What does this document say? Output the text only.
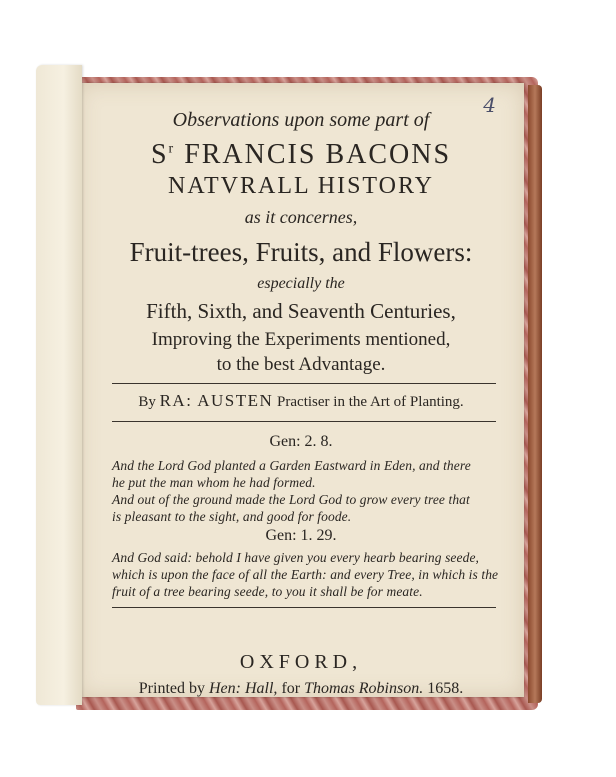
4
Observations upon some part of
$S^r$ FRANCIS BACONS
NATVRALL HISTORY
as it concernes,
Fruit-trees, Fruits, and Flowers:
especially the
Fifth, Sixth, and Seaventh Centuries,
Improving the Experiments mentioned,
to the best Advantage.
By RA: AUSTEN Practiser in the Art of Planting.
Gen: 2. 8.
And the Lord God planted a Garden Eastward in Eden, and there
he put the man whom he had formed.
And out of the ground made the Lord God to grow every tree that
is pleasant to the sight, and good for foode.
Gen: 1. 29.
And God said: behold I have given you every hearb bearing seede,
which is upon the face of all the Earth: and every Tree, in which is the
fruit of a tree bearing seede, to you it shall be for meate.
OXFORD,
Printed by Hen: Hall, for Thomas Robinson. 1658.
